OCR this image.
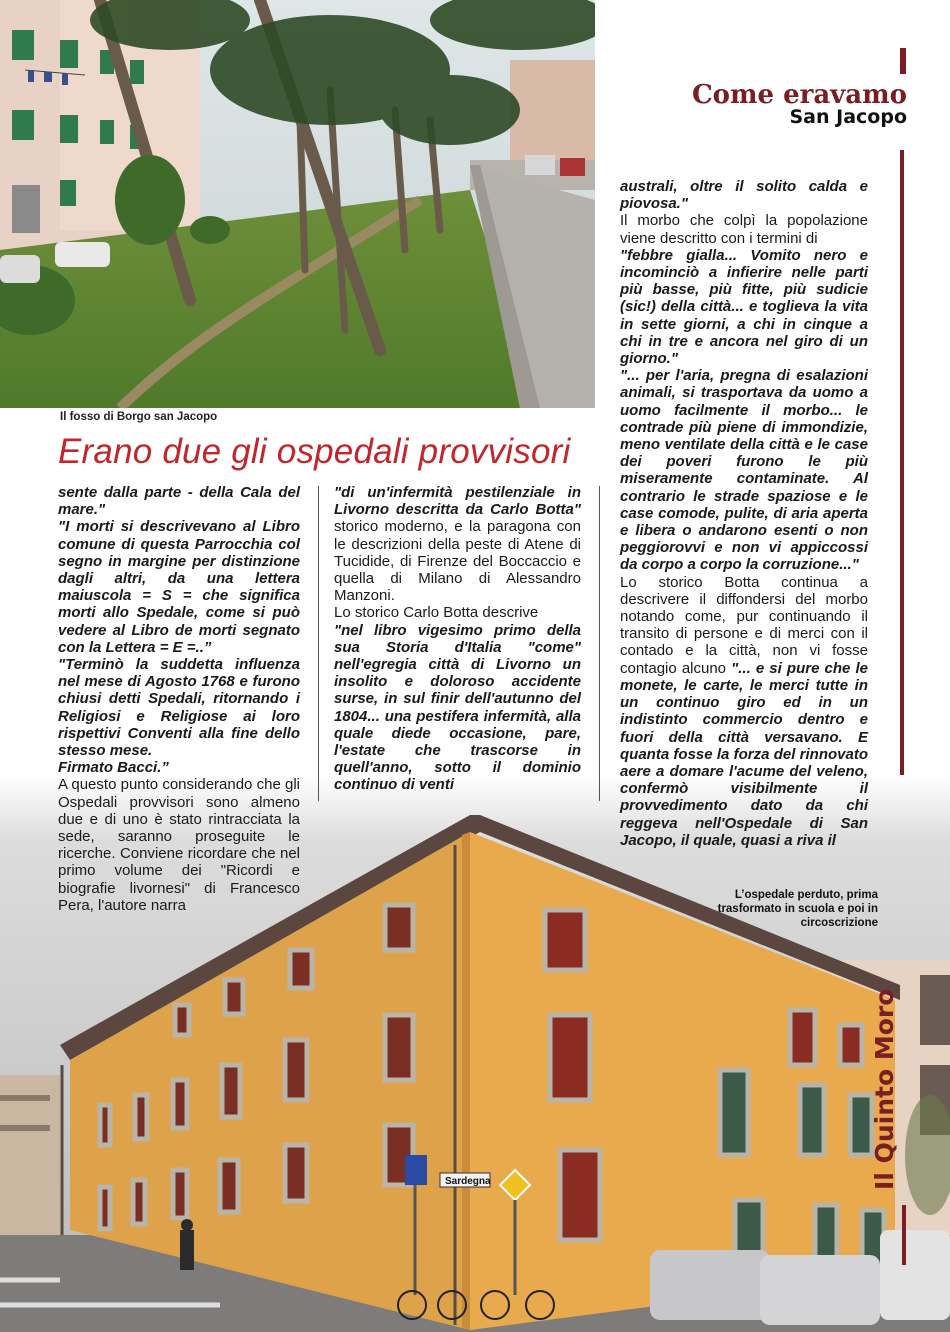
Il fosso di Borgo san Jacopo
Come eravamo
San Jacopo
Erano due gli ospedali provvisori
Sardegna
L’ospedale perduto, prima trasformato in scuola e poi in circoscrizione

sente dalla parte - della Cala del mare."

"I morti si descrivevano al Libro comune di questa Parrocchia col segno in margine per distinzione dagli altri, da una lettera maiuscola = S = che significa morti allo Spedale, come si può vedere al Libro de morti segnato con la Lettera = E =..”

"Terminò la suddetta influenza nel mese di Agosto 1768 e furono chiusi detti Spedali, ritornando i Religiosi e Religiose ai loro rispettivi Conventi alla fine dello stesso mese.

Firmato Bacci.”

A questo punto considerando che gli Ospedali provvisori sono almeno due e di uno è stato rintracciata la sede, saranno proseguite le ricerche. Conviene ricordare che nel primo volume dei "Ricordi e biografie livornesi" di Francesco Pera, l'autore narra

"di un'infermità pestilenziale in Livorno descritta da Carlo Botta" storico moderno, e la paragona con le descrizioni della peste di Atene di Tucidide, di Firenze del Boccaccio e quella di Milano di Alessandro Manzoni.

Lo storico Carlo Botta descrive

"nel libro vigesimo primo della sua Storia d'Italia "come" nell'egregia città di Livorno un insolito e doloroso accidente surse, in sul finir dell'autunno del 1804... una pestifera infermità, alla quale diede occasione, pare, l'estate che trascorse in quell'anno, sotto il dominio continuo di venti

australi, oltre il solito calda e piovosa."

Il morbo che colpì la popolazione viene descritto con i termini di

"febbre gialla... Vomito nero e incominciò a infierire nelle parti più basse, più fitte, più sudicie (sic!) della città... e toglieva la vita in sette giorni, a chi in cinque a chi in tre e ancora nel giro di un giorno."

"... per l'aria, pregna di esalazioni animali, si trasportava da uomo a uomo facilmente il morbo... le contrade più piene di immondizie, meno ventilate della città e le case dei poveri furono le più miseramente contaminate. Al contrario le strade spaziose e le case comode, pulite, di aria aperta e libera o andarono esenti o non peggiorovvi e non vi appiccossi da corpo a corpo la corruzione..."

Lo storico Botta continua a descrivere il diffondersi del morbo notando come, pur continuando il transito di persone e di merci con il contado e la città, non vi fosse contagio alcuno "... e si pure che le monete, le carte, le merci tutte in un continuo giro ed in un indistinto commercio dentro e fuori della città versavano. E quanta fosse la forza del rinnovato aere a domare l'acume del veleno, confermò visibilmente il provvedimento dato da chi reggeva nell'Ospedale di San Jacopo, il quale, quasi a riva il

Il Quinto Moro
